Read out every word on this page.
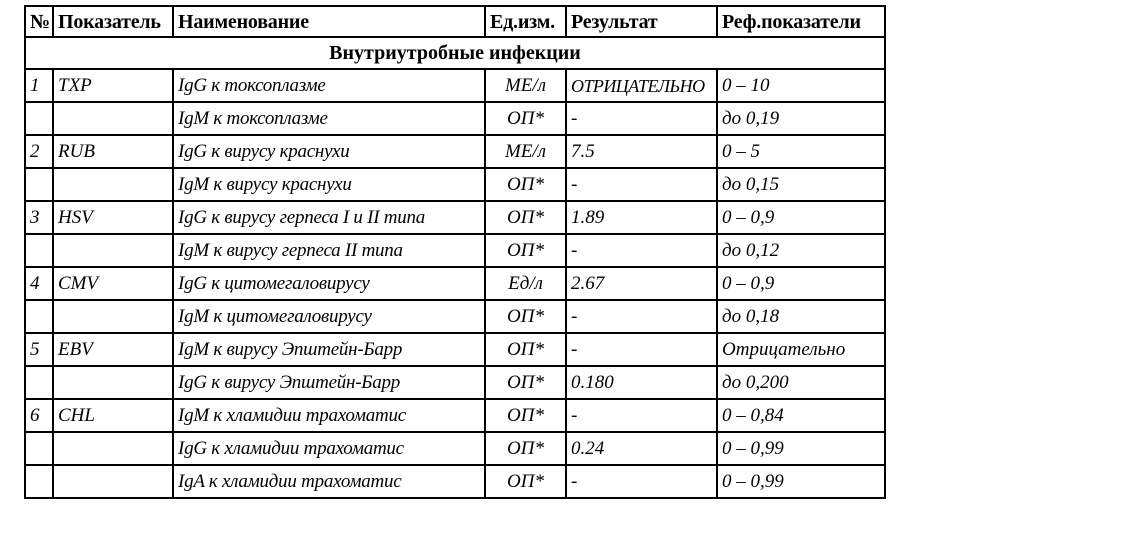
№	Показатель	Наименование	Ед.изм.	Результат	Реф.показатели
Внутриутробные инфекции					
1	TXP	IgG к токсоплазме	МЕ/л	ОТРИЦАТЕЛЬНО	0 – 10
		IgM к токсоплазме	ОП*	-	до 0,19
2	RUB	IgG к вирусу краснухи	МЕ/л	7.5	0 – 5
		IgM к вирусу краснухи	ОП*	-	до 0,15
3	HSV	IgG к вирусу герпеса I и II типа	ОП*	1.89	0 – 0,9
		IgM к вирусу герпеса II типа	ОП*	-	до 0,12
4	CMV	IgG к цитомегаловирусу	Ед/л	2.67	0 – 0,9
		IgM к цитомегаловирусу	ОП*	-	до 0,18
5	EBV	IgM к вирусу Эпштейн-Барр	ОП*	-	Отрицательно
		IgG к вирусу Эпштейн-Барр	ОП*	0.180	до 0,200
6	CHL	IgM к хламидии трахоматис	ОП*	-	0 – 0,84
		IgG к хламидии трахоматис	ОП*	0.24	0 – 0,99
		IgA к хламидии трахоматис	ОП*	-	0 – 0,99
